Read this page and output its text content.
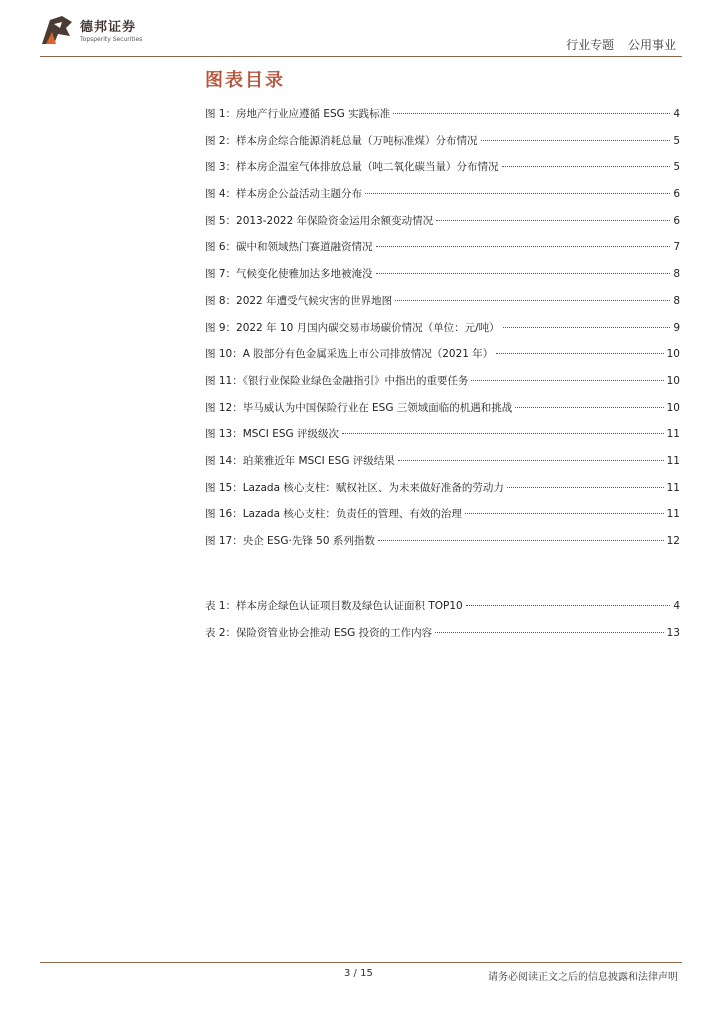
德邦证券
Topsperity Securities	行业专题 公用事业
图表目录
图 1：房地产行业应遵循 ESG 实践标准	4
图 2：样本房企综合能源消耗总量（万吨标准煤）分布情况	5
图 3：样本房企温室气体排放总量（吨二氧化碳当量）分布情况	5
图 4：样本房企公益活动主题分布	6
图 5：2013-2022 年保险资金运用余额变动情况	6
图 6：碳中和领域热门赛道融资情况	7
图 7：气候变化使雅加达多地被淹没	8
图 8：2022 年遭受气候灾害的世界地图	8
图 9：2022 年 10 月国内碳交易市场碳价情况（单位：元/吨）	9
图 10：A 股部分有色金属采选上市公司排放情况（2021 年）	10
图 11：《银行业保险业绿色金融指引》中指出的重要任务	10
图 12：毕马威认为中国保险行业在 ESG 三领域面临的机遇和挑战	10
图 13：MSCI ESG 评级级次	11
图 14：珀莱雅近年 MSCI ESG 评级结果	11
图 15：Lazada 核心支柱：赋权社区、为未来做好准备的劳动力	11
图 16：Lazada 核心支柱：负责任的管理、有效的治理	11
图 17：央企 ESG·先锋 50 系列指数	12
表 1：样本房企绿色认证项目数及绿色认证面积 TOP10	4
表 2：保险资管业协会推动 ESG 投资的工作内容	13
3 / 15	请务必阅读正文之后的信息披露和法律声明
